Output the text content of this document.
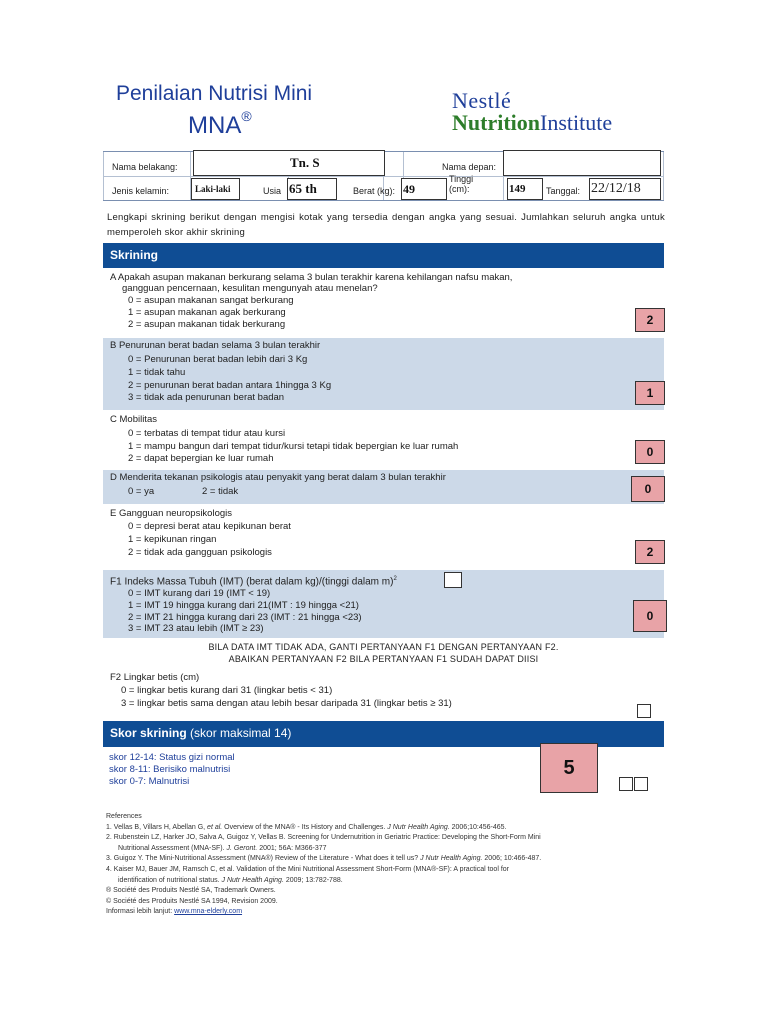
Penilaian Nutrisi Mini
MNA®
Nestlé
NutritionInstitute
Nama belakang:	Tn. S	Nama depan:
Jenis kelamin:	Laki-laki	Usia 65 th	Berat (kg): 49
Tinggi
(cm):	149 Tanggal: 22/12/18
Lengkapi skrining berikut dengan mengisi kotak yang tersedia dengan angka yang sesuai. Jumlahkan seluruh angka untuk memperoleh skor akhir skrining
Skrining
A Apakah asupan makanan berkurang selama 3 bulan terakhir karena kehilangan nafsu makan,
gangguan pencernaan, kesulitan mengunyah atau menelan?
0 = asupan makanan sangat berkurang
1 = asupan makanan agak berkurang
2 = asupan makanan tidak berkurang	2
B Penurunan berat badan selama 3 bulan terakhir
0 = Penurunan berat badan lebih dari 3 Kg
1 = tidak tahu
2 = penurunan berat badan antara 1hingga 3 Kg
3 = tidak ada penurunan berat badan	1
C Mobilitas
0 = terbatas di tempat tidur atau kursi
1 = mampu bangun dari tempat tidur/kursi tetapi tidak bepergian ke luar rumah
2 = dapat bepergian ke luar rumah	0
D Menderita tekanan psikologis atau penyakit yang berat dalam 3 bulan terakhir
0 = ya	2 = tidak	0
E Gangguan neuropsikologis
0 = depresi berat atau kepikunan berat
1 = kepikunan ringan
2 = tidak ada gangguan psikologis	2
F1 Indeks Massa Tubuh (IMT) (berat dalam kg)/(tinggi dalam m)$^2$
0 = IMT kurang dari 19 (IMT < 19)
1 = IMT 19 hingga kurang dari 21(IMT : 19 hingga <21)
2 = IMT 21 hingga kurang dari 23 (IMT : 21 hingga <23)
3 = IMT 23 atau lebih (IMT ≥ 23)
0
BILA DATA IMT TIDAK ADA, GANTI PERTANYAAN F1 DENGAN PERTANYAAN F2.
ABAIKAN PERTANYAAN F2 BILA PERTANYAAN F1 SUDAH DAPAT DIISI
F2 Lingkar betis (cm)
0 = lingkar betis kurang dari 31 (lingkar betis < 31)
3 = lingkar betis sama dengan atau lebih besar daripada 31 (lingkar betis ≥ 31)
Skor skrining (skor maksimal 14)
skor 12-14: Status gizi normal
skor 8-11: Berisiko malnutrisi
skor 0-7: Malnutrisi
5
References
1. Vellas B, Villars H, Abellan G, et al. Overview of the MNA® - Its History and Challenges. J Nutr Health Aging. 2006;10:456-465.
2. Rubenstein LZ, Harker JO, Salva A, Guigoz Y, Vellas B. Screening for Undernutrition in Geriatric Practice: Developing the Short-Form Mini
Nutritional Assessment (MNA-SF). J. Geront. 2001; 56A: M366-377
3. Guigoz Y. The Mini-Nutritional Assessment (MNA®) Review of the Literature - What does it tell us? J Nutr Health Aging. 2006; 10:466-487.
4. Kaiser MJ, Bauer JM, Ramsch C, et al. Validation of the Mini Nutritional Assessment Short-Form (MNA®-SF): A practical tool for
identification of nutritional status. J Nutr Health Aging. 2009; 13:782-788.
® Société des Produits Nestlé SA, Trademark Owners.
© Société des Produits Nestlé SA 1994, Revision 2009.
Informasi lebih lanjut: www.mna-elderly.com
